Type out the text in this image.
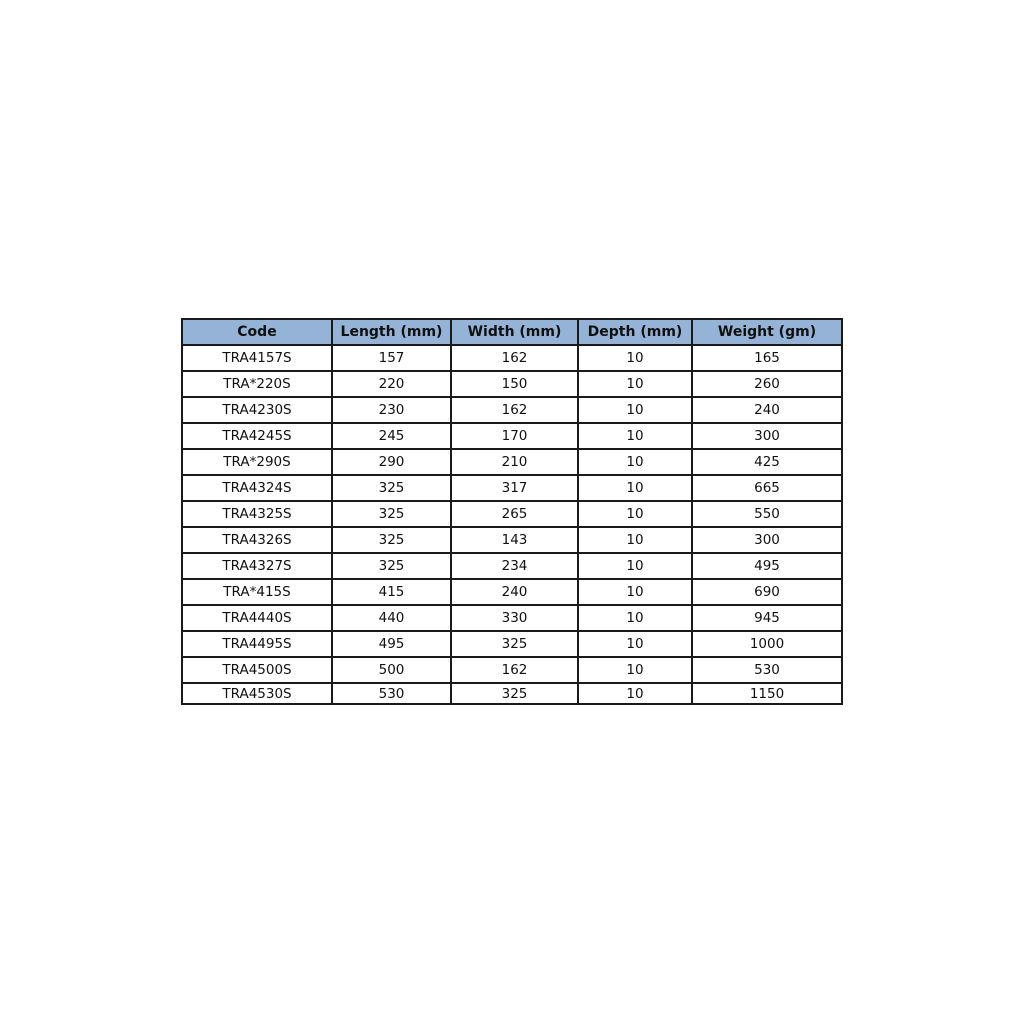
Code	Length (mm)	Width (mm)	Depth (mm)	Weight (gm)
TRA4157S	157	162	10	165
TRA*220S	220	150	10	260
TRA4230S	230	162	10	240
TRA4245S	245	170	10	300
TRA*290S	290	210	10	425
TRA4324S	325	317	10	665
TRA4325S	325	265	10	550
TRA4326S	325	143	10	300
TRA4327S	325	234	10	495
TRA*415S	415	240	10	690
TRA4440S	440	330	10	945
TRA4495S	495	325	10	1000
TRA4500S	500	162	10	530
TRA4530S	530	325	10	1150
